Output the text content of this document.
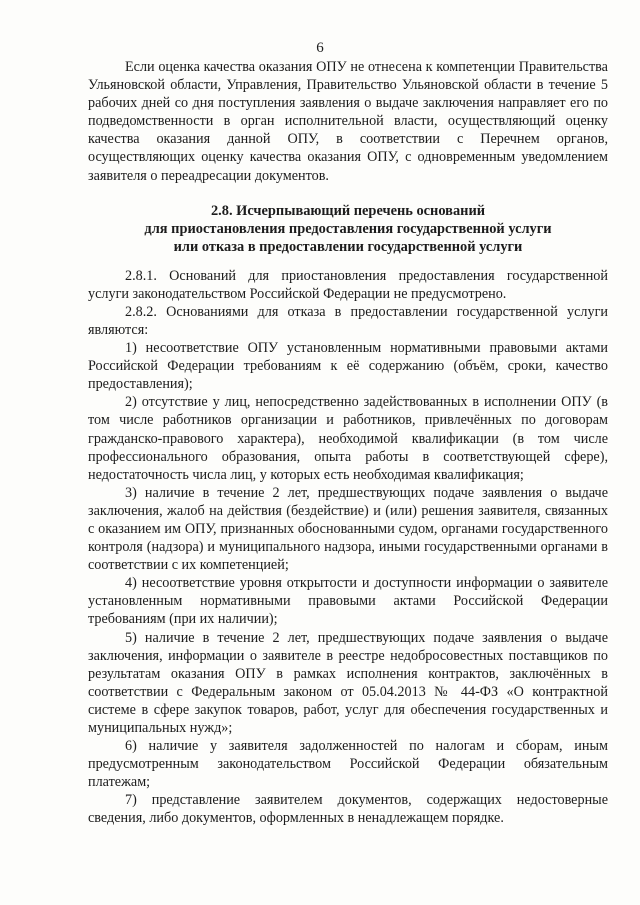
6

Если оценка качества оказания ОПУ не отнесена к компетенции Правительства Ульяновской области, Управления, Правительство Ульяновской области в течение 5 рабочих дней со дня поступления заявления о выдаче заключения направляет его по подведомственности в орган исполнительной власти, осуществляющий оценку качества оказания данной ОПУ, в соответствии с Перечнем органов, осуществляющих оценку качества оказания ОПУ, с одновременным уведомлением заявителя о переадресации документов.

2.8. Исчерпывающий перечень оснований
для приостановления предоставления государственной услуги
или отказа в предоставлении государственной услуги

2.8.1. Оснований для приостановления предоставления государственной услуги законодательством Российской Федерации не предусмотрено.

2.8.2. Основаниями для отказа в предоставлении государственной услуги являются:

1) несоответствие ОПУ установленным нормативными правовыми актами Российской Федерации требованиям к её содержанию (объём, сроки, качество предоставления);

2) отсутствие у лиц, непосредственно задействованных в исполнении ОПУ (в том числе работников организации и работников, привлечённых по договорам гражданско-правового характера), необходимой квалификации (в том числе профессионального образования, опыта работы в соответствующей сфере), недостаточность числа лиц, у которых есть необходимая квалификация;

3) наличие в течение 2 лет, предшествующих подаче заявления о выдаче заключения, жалоб на действия (бездействие) и (или) решения заявителя, связанных с оказанием им ОПУ, признанных обоснованными судом, органами государственного контроля (надзора) и муниципального надзора, иными государственными органами в соответствии с их компетенцией;

4) несоответствие уровня открытости и доступности информации о заявителе установленным нормативными правовыми актами Российской Федерации требованиям (при их наличии);

5) наличие в течение 2 лет, предшествующих подаче заявления о выдаче заключения, информации о заявителе в реестре недобросовестных поставщиков по результатам оказания ОПУ в рамках исполнения контрактов, заключённых в соответствии с Федеральным законом от 05.04.2013 № 44-ФЗ «О контрактной системе в сфере закупок товаров, работ, услуг для обеспечения государственных и муниципальных нужд»;

6) наличие у заявителя задолженностей по налогам и сборам, иным предусмотренным законодательством Российской Федерации обязательным платежам;

7) представление заявителем документов, содержащих недостоверные сведения, либо документов, оформленных в ненадлежащем порядке.
